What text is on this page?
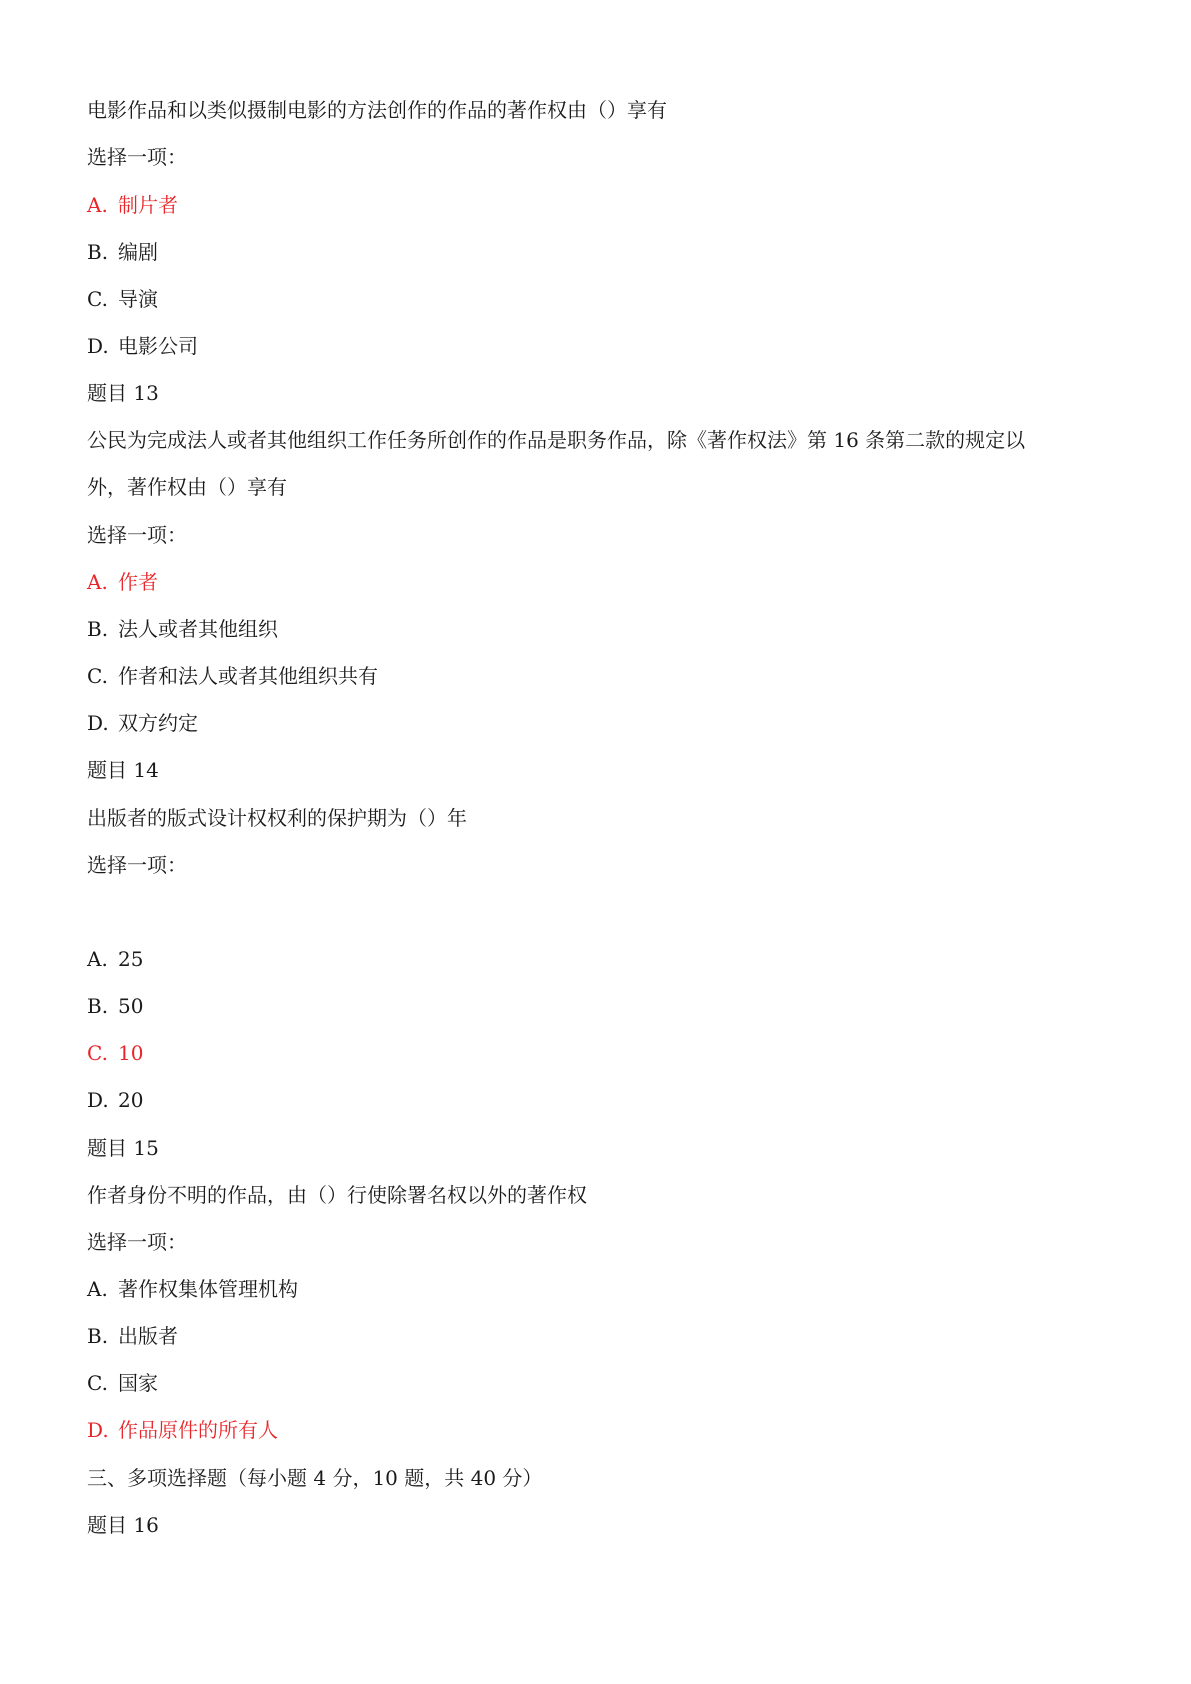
电影作品和以类似摄制电影的方法创作的作品的著作权由（）享有
选择一项：
A. 制片者
B. 编剧
C. 导演
D. 电影公司
题目 13
公民为完成法人或者其他组织工作任务所创作的作品是职务作品，除《著作权法》第 16 条第二款的规定以
外，著作权由（）享有
选择一项：
A. 作者
B. 法人或者其他组织
C. 作者和法人或者其他组织共有
D. 双方约定
题目 14
出版者的版式设计权权利的保护期为（）年
选择一项：
A. 25
B. 50
C. 10
D. 20
题目 15
作者身份不明的作品，由（）行使除署名权以外的著作权
选择一项：
A. 著作权集体管理机构
B. 出版者
C. 国家
D. 作品原件的所有人
三、多项选择题（每小题 4 分，10 题，共 40 分）
题目 16
